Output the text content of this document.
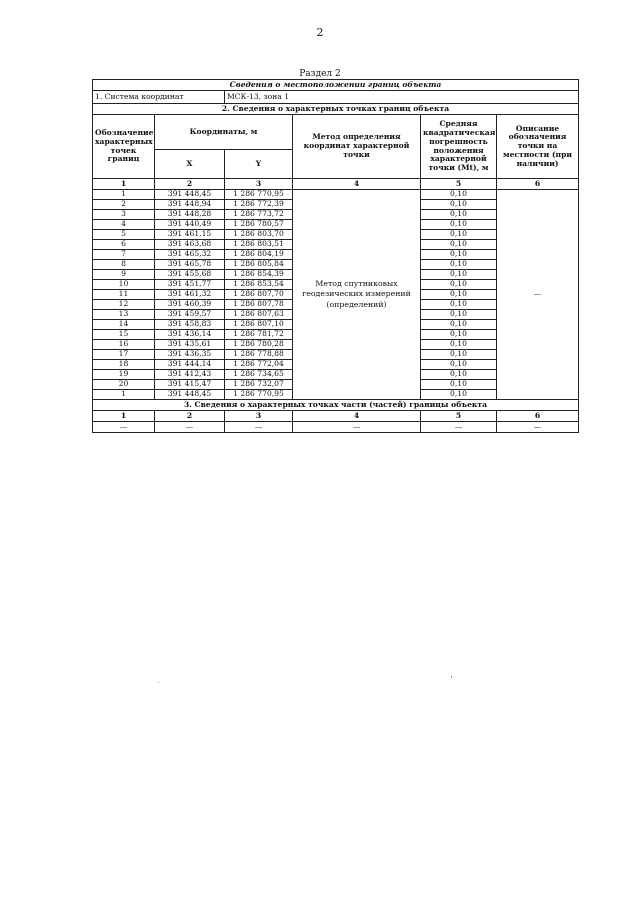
2
Раздел 2
Сведения о местоположении границ объекта					
1. Система координат		МСК-13, зона 1			
2. Сведения о характерных точках границ объекта					
Обозначение характерных точек границ	Координаты, м		Метод определения координат характерной точки	Средняя квадратическая погрешность положения характерной точки (Mt), м	Описание обозначения точки на местности (при наличии)
	X	Y			
1	2	3	4	5	6
1	391 448,45	1 286 770,95	Метод спутниковых геодезических измерений (определений)	0,10	—
2	391 448,94	1 286 772,39		0,10	
3	391 448,28	1 286 773,72		0,10	
4	391 440,49	1 286 780,57		0,10	
5	391 461,15	1 286 803,70		0,10	
6	391 463,68	1 286 803,51		0,10	
7	391 465,32	1 286 804,19		0,10	
8	391 465,78	1 286 805,84		0,10	
9	391 455,68	1 286 854,39		0,10	
10	391 451,77	1 286 853,54		0,10	
11	391 461,32	1 286 807,70		0,10	
12	391 460,39	1 286 807,78		0,10	
13	391 459,57	1 286 807,63		0,10	
14	391 458,83	1 286 807,10		0,10	
15	391 436,14	1 286 781,72		0,10	
16	391 435,61	1 286 780,28		0,10	
17	391 436,35	1 286 778,88		0,10	
18	391 444,14	1 286 772,04		0,10	
19	391 412,43	1 286 734,65		0,10	
20	391 415,47	1 286 732,07		0,10	
1	391 448,45	1 286 770,95		0,10	
3. Сведения о характерных точках части (частей) границы объекта					
1	2	3	4	5	6
—	—	—	—	—	—
